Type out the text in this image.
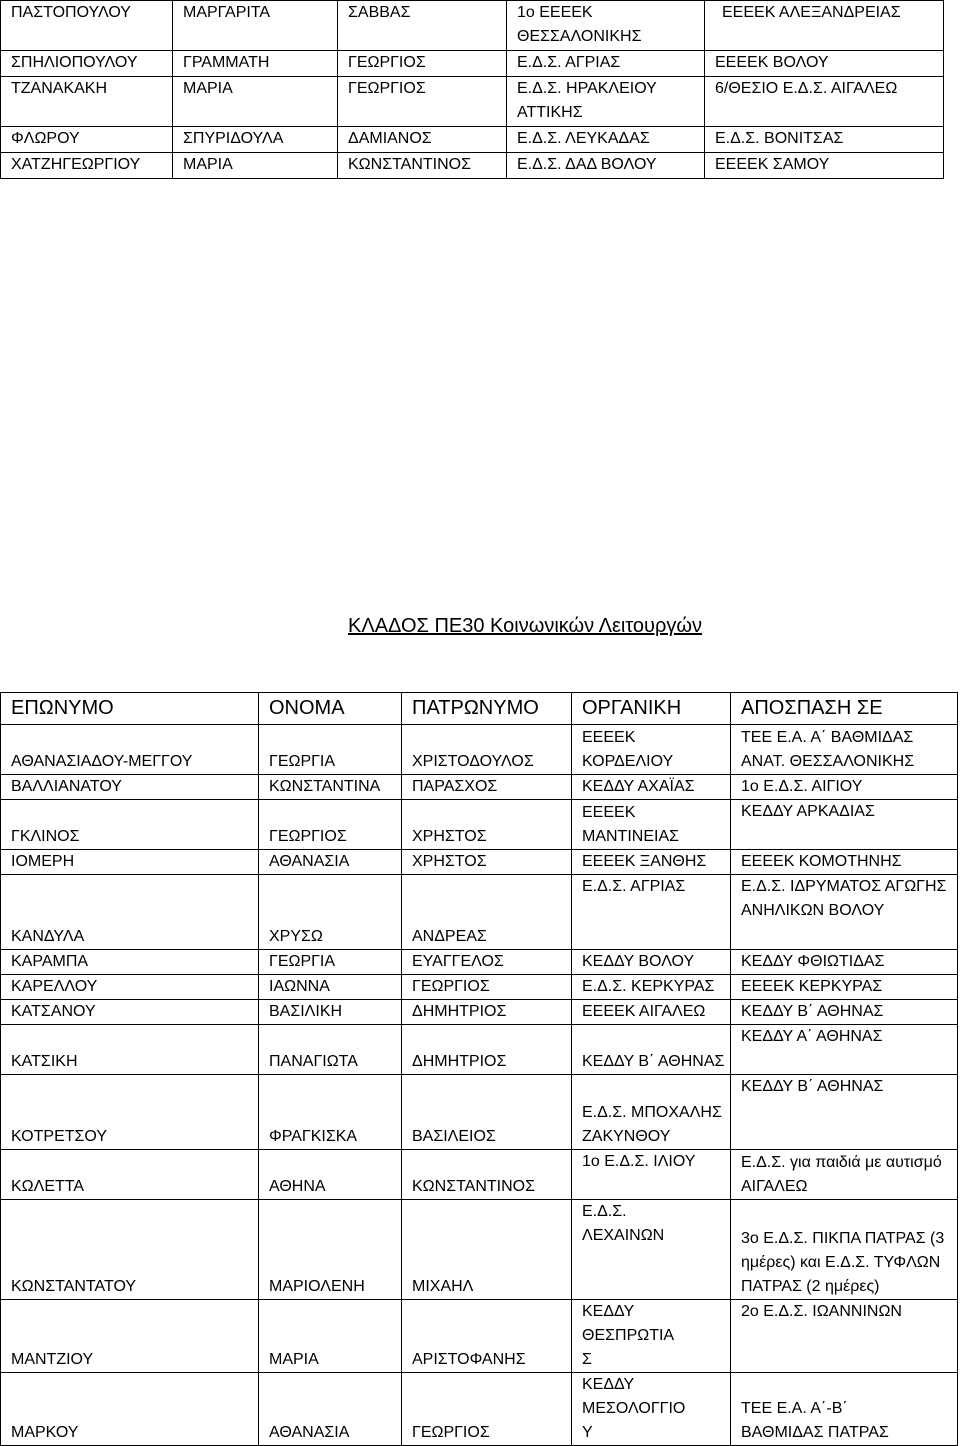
ΠΑΣΤΟΠΟΥΛΟΥ	ΜΑΡΓΑΡΙΤΑ	ΣΑΒΒΑΣ	1ο ΕΕΕΕΚ ΘΕΣΣΑΛΟΝΙΚΗΣ	ΕΕΕΕΚ ΑΛΕΞΑΝΔΡΕΙΑΣ
ΣΠΗΛΙΟΠΟΥΛΟΥ	ΓΡΑΜΜΑΤΗ	ΓΕΩΡΓΙΟΣ	Ε.Δ.Σ. ΑΓΡΙΑΣ	ΕΕΕΕΚ ΒΟΛΟΥ
ΤΖΑΝΑΚΑΚΗ	ΜΑΡΙΑ	ΓΕΩΡΓΙΟΣ	Ε.Δ.Σ. ΗΡΑΚΛΕΙΟΥ ΑΤΤΙΚΗΣ	6/ΘΕΣΙΟ Ε.Δ.Σ. ΑΙΓΑΛΕΩ
ΦΛΩΡΟΥ	ΣΠΥΡΙΔΟΥΛΑ	ΔΑΜΙΑΝΟΣ	Ε.Δ.Σ. ΛΕΥΚΑΔΑΣ	Ε.Δ.Σ. ΒΟΝΙΤΣΑΣ
ΧΑΤΖΗΓΕΩΡΓΙΟΥ	ΜΑΡΙΑ	ΚΩΝΣΤΑΝΤΙΝΟΣ	Ε.Δ.Σ. ΔΑΔ ΒΟΛΟΥ	ΕΕΕΕΚ ΣΑΜΟΥ
ΚΛΑΔΟΣ ΠΕ30 Κοινωνικών Λειτουργών
ΕΠΩΝΥΜΟ	ΟΝΟΜΑ	ΠΑΤΡΩΝΥΜΟ	ΟΡΓΑΝΙΚΗ	ΑΠΟΣΠΑΣΗ ΣΕ
ΑΘΑΝΑΣΙΑΔΟΥ-ΜΕΓΓΟΥ	ΓΕΩΡΓΙΑ	ΧΡΙΣΤΟΔΟΥΛΟΣ	ΕΕΕΕΚ ΚΟΡΔΕΛΙΟΥ	ΤΕΕ Ε.Α. Α΄ ΒΑΘΜΙΔΑΣ ΑΝΑΤ. ΘΕΣΣΑΛΟΝΙΚΗΣ
ΒΑΛΛΙΑΝΑΤΟΥ	ΚΩΝΣΤΑΝΤΙΝΑ	ΠΑΡΑΣΧΟΣ	ΚΕΔΔΥ ΑΧΑΪΑΣ	1ο Ε.Δ.Σ. ΑΙΓΙΟΥ
ΓΚΛΙΝΟΣ	ΓΕΩΡΓΙΟΣ	ΧΡΗΣΤΟΣ	ΕΕΕΕΚ ΜΑΝΤΙΝΕΙΑΣ	ΚΕΔΔΥ ΑΡΚΑΔΙΑΣ
ΙΟΜΕΡΗ	ΑΘΑΝΑΣΙΑ	ΧΡΗΣΤΟΣ	ΕΕΕΕΚ ΞΑΝΘΗΣ	ΕΕΕΕΚ ΚΟΜΟΤΗΝΗΣ
ΚΑΝΔΥΛΑ	ΧΡΥΣΩ	ΑΝΔΡΕΑΣ	Ε.Δ.Σ. ΑΓΡΙΑΣ	Ε.Δ.Σ. ΙΔΡΥΜΑΤΟΣ ΑΓΩΓΗΣ ΑΝΗΛΙΚΩΝ ΒΟΛΟΥ
ΚΑΡΑΜΠΑ	ΓΕΩΡΓΙΑ	ΕΥΑΓΓΕΛΟΣ	ΚΕΔΔΥ ΒΟΛΟΥ	ΚΕΔΔΥ ΦΘΙΩΤΙΔΑΣ
ΚΑΡΕΛΛΟΥ	ΙΑΩΝΝΑ	ΓΕΩΡΓΙΟΣ	Ε.Δ.Σ. ΚΕΡΚΥΡΑΣ	ΕΕΕΕΚ ΚΕΡΚΥΡΑΣ
ΚΑΤΣΑΝΟΥ	ΒΑΣΙΛΙΚΗ	ΔΗΜΗΤΡΙΟΣ	ΕΕΕΕΚ ΑΙΓΑΛΕΩ	ΚΕΔΔΥ Β΄ ΑΘΗΝΑΣ
ΚΑΤΣΙΚΗ	ΠΑΝΑΓΙΩΤΑ	ΔΗΜΗΤΡΙΟΣ	ΚΕΔΔΥ Β΄ ΑΘΗΝΑΣ	ΚΕΔΔΥ Α΄ ΑΘΗΝΑΣ
ΚΟΤΡΕΤΣΟΥ	ΦΡΑΓΚΙΣΚΑ	ΒΑΣΙΛΕΙΟΣ	Ε.Δ.Σ. ΜΠΟΧΑΛΗΣ ΖΑΚΥΝΘΟΥ	ΚΕΔΔΥ Β΄ ΑΘΗΝΑΣ
ΚΩΛΕΤΤΑ	ΑΘΗΝΑ	ΚΩΝΣΤΑΝΤΙΝΟΣ	1ο Ε.Δ.Σ. ΙΛΙΟΥ	Ε.Δ.Σ. για παιδιά με αυτισμό ΑΙΓΑΛΕΩ
ΚΩΝΣΤΑΝΤΑΤΟΥ	ΜΑΡΙΟΛΕΝΗ	ΜΙΧΑΗΛ	Ε.Δ.Σ. ΛΕΧΑΙΝΩΝ	3ο Ε.Δ.Σ. ΠΙΚΠΑ ΠΑΤΡΑΣ (3 ημέρες) και Ε.Δ.Σ. ΤΥΦΛΩΝ ΠΑΤΡΑΣ (2 ημέρες)
ΜΑΝΤΖΙΟΥ	ΜΑΡΙΑ	ΑΡΙΣΤΟΦΑΝΗΣ	ΚΕΔΔΥ ΘΕΣΠΡΩΤΙΑΣ	2ο Ε.Δ.Σ. ΙΩΑΝΝΙΝΩΝ
ΜΑΡΚΟΥ	ΑΘΑΝΑΣΙΑ	ΓΕΩΡΓΙΟΣ	ΚΕΔΔΥ ΜΕΣΟΛΟΓΓΙΟΥ	ΤΕΕ Ε.Α. Α΄-Β΄ ΒΑΘΜΙΔΑΣ ΠΑΤΡΑΣ
